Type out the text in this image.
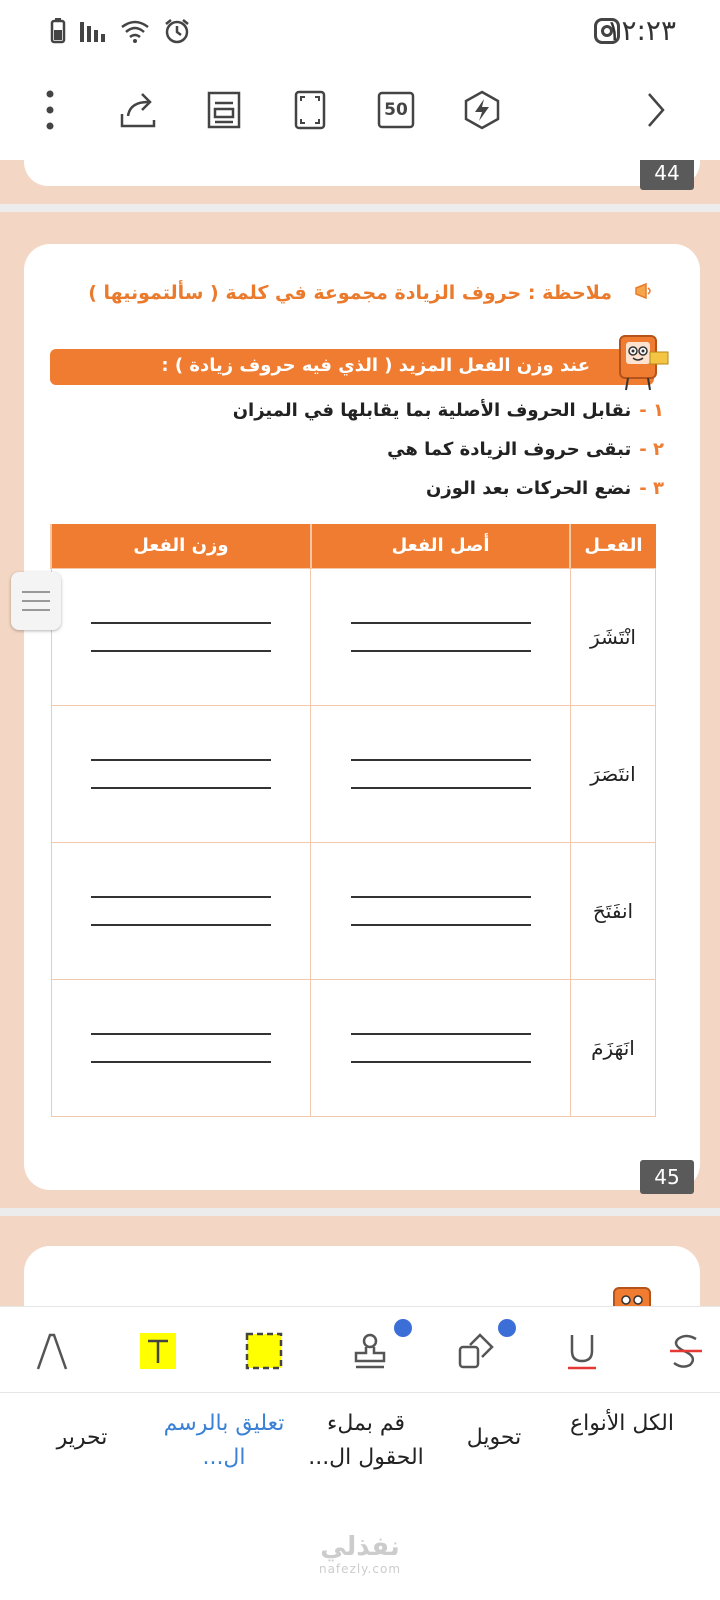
١٢:٢٣
50
44
ملاحظة : حروف الزيادة مجموعة في كلمة ( سألتمونيها )
عند وزن الفعل المزيد ( الذي فيه حروف زيادة ) :
١ -
نقابل الحروف الأصلية بما يقابلها في الميزان
٢ -
تبقى حروف الزيادة كما هي
٣ -
نضع الحركات بعد الوزن
الفعـل	أصل الفعل	وزن الفعل
انْتَشَرَ	

انتَصَرَ	

انفَتَحَ	

انَهَزَمَ	

45
الكل الأنواع
تحويل
قم بملء الحقول ال...
تعليق بالرسم ال...
تحرير
نفذلي
nafezly.com
